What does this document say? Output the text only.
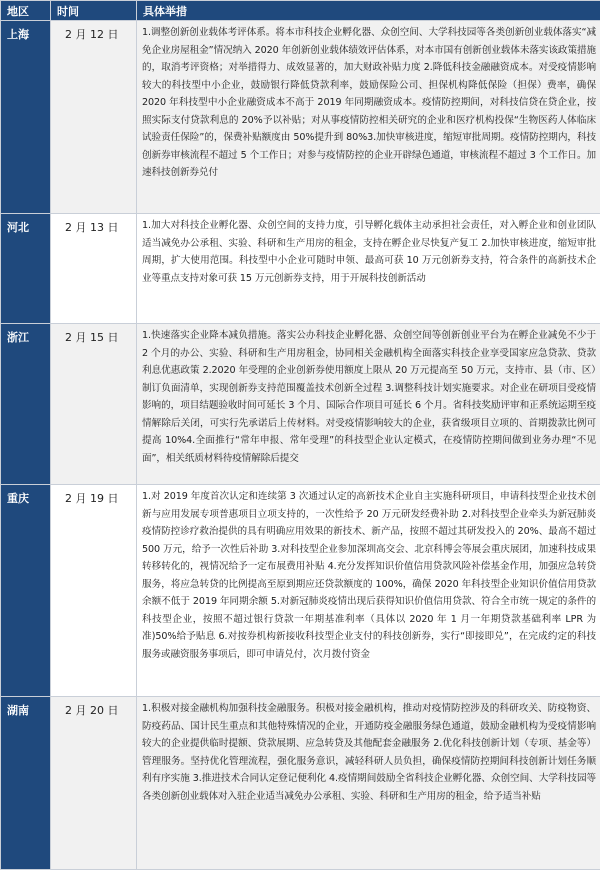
地区	时间	具体举措
上海	2 月 12 日	1.调整创新创业载体考评体系。将本市科技企业孵化器、众创空间、大学科技园等各类创新创业载体落实“减免企业房屋租金”情况纳入 2020 年创新创业载体绩效评估体系，对本市国有创新创业载体未落实该政策措施的，取消考评资格；对举措得力、成效显著的，加大财政补贴力度 2.降低科技金融融资成本。对受疫情影响较大的科技型中小企业，鼓励银行降低贷款利率，鼓励保险公司、担保机构降低保险（担保）费率，确保 2020 年科技型中小企业融资成本不高于 2019 年同期融资成本。疫情防控期间，对科技信贷在贷企业，按照实际支付贷款利息的 20%予以补贴；对从事疫情防控相关研究的企业和医疗机构投保“生物医药人体临床试验责任保险”的，保费补贴额度由 50%提升到 80%3.加快审核进度，缩短审批周期。疫情防控期内，科技创新券审核流程不超过 5 个工作日；对参与疫情防控的企业开辟绿色通道，审核流程不超过 3 个工作日。加速科技创新券兑付

河北	2 月 13 日	1.加大对科技企业孵化器、众创空间的支持力度，引导孵化载体主动承担社会责任，对入孵企业和创业团队适当减免办公承租、实验、科研和生产用房的租金，支持在孵企业尽快复产复工 2.加快审核进度，缩短审批周期，扩大使用范围。科技型中小企业可随时申领、最高可获 10 万元创新券支持，符合条件的高新技术企业等重点支持对象可获 15 万元创新券支持，用于开展科技创新活动

浙江	2 月 15 日	1.快速落实企业降本减负措施。落实公办科技企业孵化器、众创空间等创新创业平台为在孵企业减免不少于 2 个月的办公、实验、科研和生产用房租金，协同相关金融机构全面落实科技企业享受国家应急贷款、贷款利息优惠政策 2.2020 年受理的企业创新券使用额度上限从 20 万元提高至 50 万元，支持市、县（市、区）制订负面清单，实现创新券支持范围覆盖技术创新全过程 3.调整科技计划实施要求。对企业在研项目受疫情影响的，项目结题验收时间可延长 3 个月、国际合作项目可延长 6 个月。省科技奖励评审和正系统运期至疫情解除后关闭，可实行先承诺后上传材料。对受疫情影响较大的企业，获省级项目立项的、首期拨款比例可提高 10%4.全面推行“常年申报、常年受理”的科技型企业认定模式，在疫情防控期间做到业务办理“不见面”，相关纸质材料待疫情解除后提交

重庆	2 月 19 日	1.对 2019 年度首次认定和连续第 3 次通过认定的高新技术企业自主实施科研项目，申请科技型企业技术创新与应用发展专项普惠项目立项支持的，一次性给予 20 万元研发经费补助 2.对科技型企业牵头为新冠肺炎疫情防控诊疗救治提供的具有明确应用效果的新技术、新产品，按照不超过其研发投入的 20%、最高不超过 500 万元，给予一次性后补助 3.对科技型企业参加深圳高交会、北京科博会等展会重庆展团，加速科技成果转移转化的，视情况给予一定布展费用补贴 4.充分发挥知识价值信用贷款风险补偿基金作用，加强应急转贷服务，将应急转贷的比例提高至原到期应还贷款额度的 100%，确保 2020 年科技型企业知识价值信用贷款余额不低于 2019 年同期余额 5.对新冠肺炎疫情出现后获得知识价值信用贷款、符合全市统一规定的条件的科技型企业，按照不超过银行贷款一年期基准利率（具体以 2020 年 1 月一年期贷款基础利率 LPR 为准)50%给予贴息 6.对按券机构新接收科技型企业支付的科技创新券，实行“即接即兑”，在完成约定的科技服务或融资服务事项后，即可申请兑付，次月拨付资金

湖南	2 月 20 日	1.积极对接金融机构加强科技金融服务。积极对接金融机构，推动对疫情防控涉及的科研攻关、防疫物资、防疫药品、国计民生重点和其他特殊情况的企业，开通防疫金融服务绿色通道，鼓励金融机构为受疫情影响较大的企业提供临时提额、贷款展期、应急转贷及其他配套金融服务 2.优化科技创新计划（专项、基金等）管理服务。坚持优化管理流程，强化服务意识，减轻科研人员负担，确保疫情防控期间科技创新计划任务顺利有序实施 3.推进技术合同认定登记便利化 4.疫情期间鼓励全省科技企业孵化器、众创空间、大学科技园等各类创新创业载体对入驻企业适当减免办公承租、实验、科研和生产用房的租金，给予适当补贴
